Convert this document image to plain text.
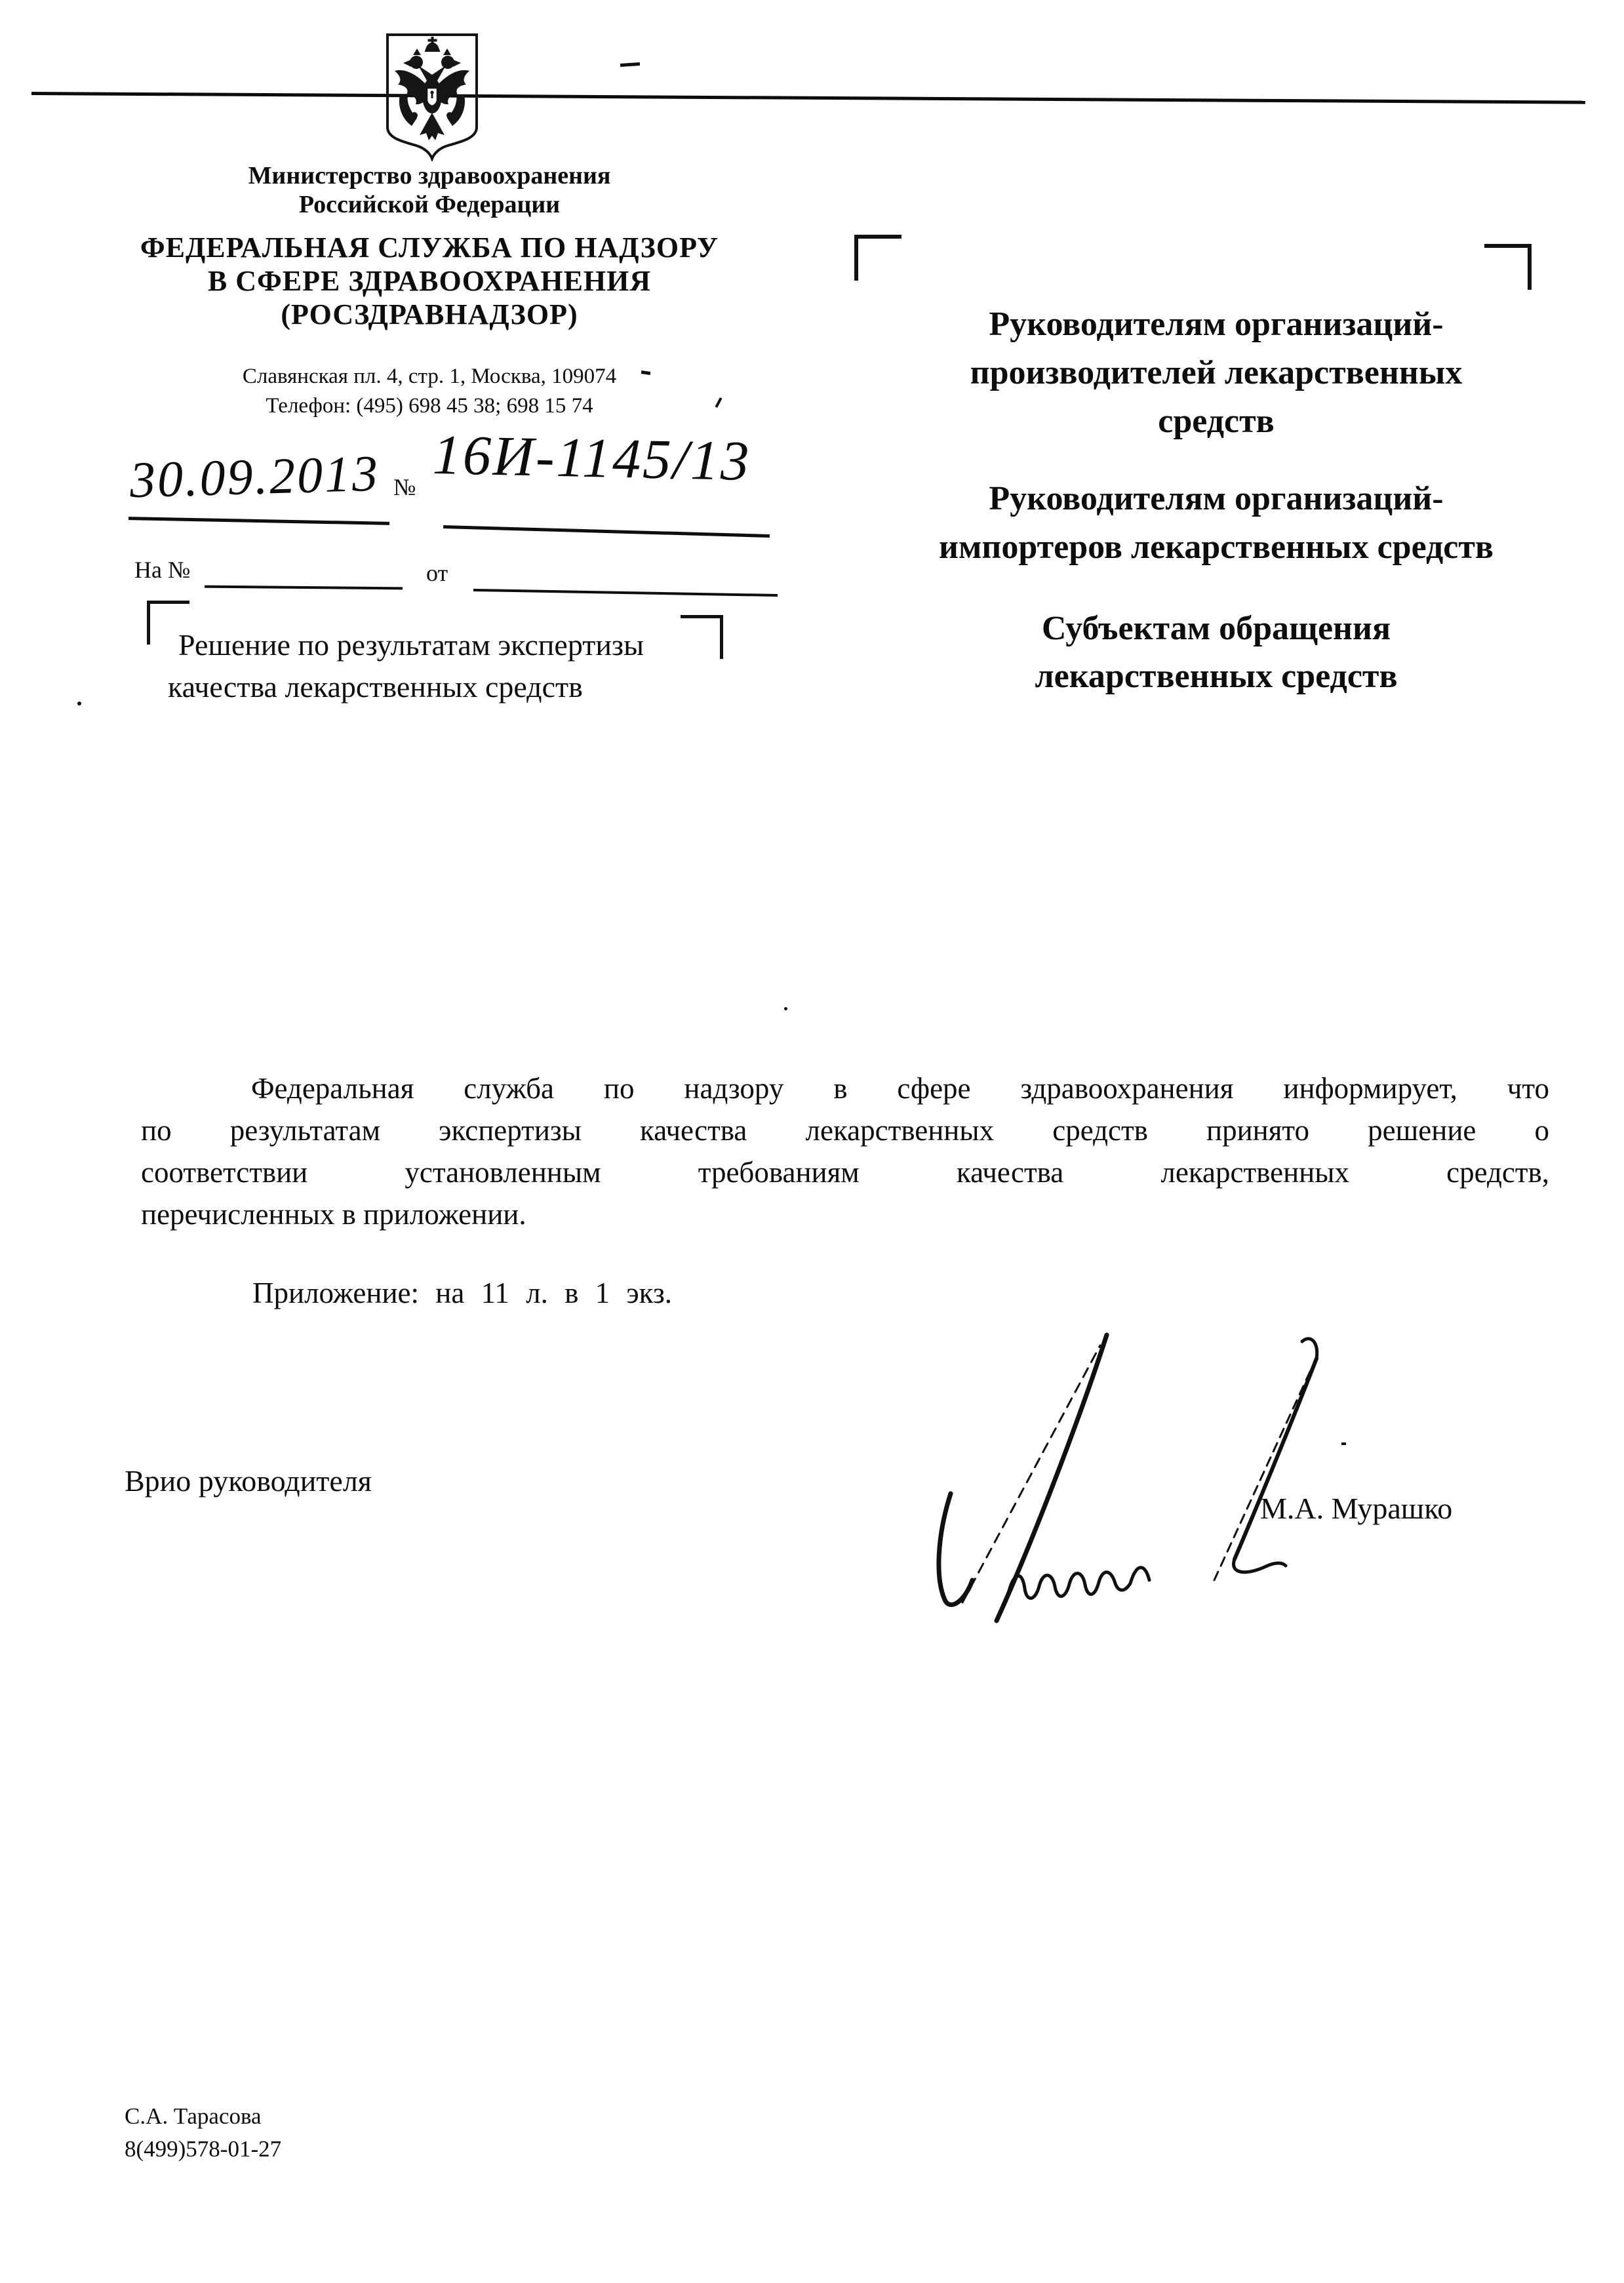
Министерство здравоохранения
Российской Федерации
ФЕДЕРАЛЬНАЯ СЛУЖБА ПО НАДЗОРУ
В СФЕРЕ ЗДРАВООХРАНЕНИЯ
(РОСЗДРАВНАДЗОР)
Славянская пл. 4, стр. 1, Москва, 109074
Телефон: (495) 698 45 38; 698 15 74
30.09.2013 № 16И-1145/13
На №	от
Решение по результатам экспертизы
качества лекарственных средств
Руководителям организаций-
производителей лекарственных
средств
Руководителям организаций-
импортеров лекарственных средств
Субъектам обращения
лекарственных средств
Федеральная служба по надзору в сфере здравоохранения информирует, что
по результатам экспертизы качества лекарственных средств принято решение о
соответствии установленным требованиям качества лекарственных средств,
перечисленных в приложении.
Приложение: на 11 л. в 1 экз.
Врио руководителя
М.А. Мурашко
С.А. Тарасова
8(499)578-01-27
